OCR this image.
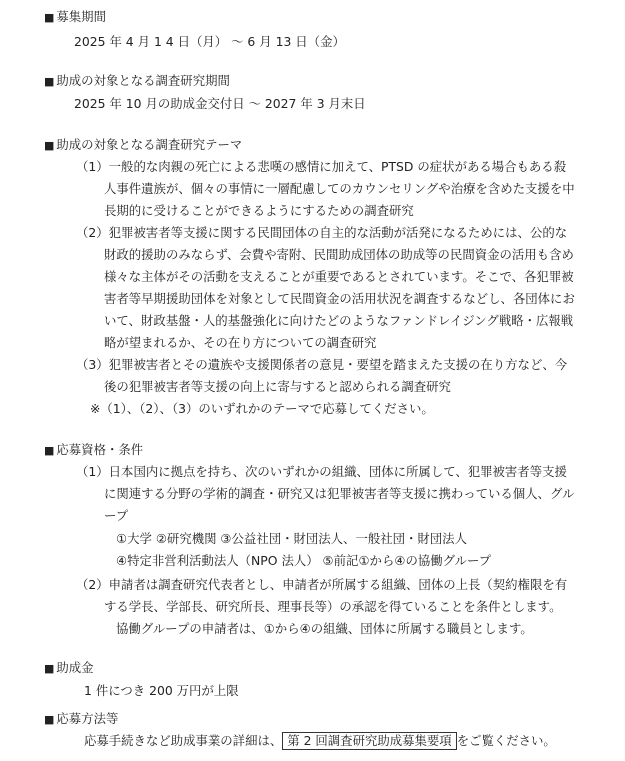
■ 募集期間
2025 年 4 月 1 4 日（月） 〜 6 月 13 日（金）
■ 助成の対象となる調査研究期間
2025 年 10 月の助成金交付日 〜 2027 年 3 月末日
■ 助成の対象となる調査研究テーマ
（1）一般的な肉親の死亡による悲嘆の感情に加えて、PTSD の症状がある場合もある殺
人事件遺族が、個々の事情に一層配慮してのカウンセリングや治療を含めた支援を中
長期的に受けることができるようにするための調査研究
（2）犯罪被害者等支援に関する民間団体の自主的な活動が活発になるためには、公的な
財政的援助のみならず、会費や寄附、民間助成団体の助成等の民間資金の活用も含め
様々な主体がその活動を支えることが重要であるとされています。そこで、各犯罪被
害者等早期援助団体を対象として民間資金の活用状況を調査するなどし、各団体にお
いて、財政基盤・人的基盤強化に向けたどのようなファンドレイジング戦略・広報戦
略が望まれるか、その在り方についての調査研究
（3）犯罪被害者とその遺族や支援関係者の意見・要望を踏まえた支援の在り方など、今
後の犯罪被害者等支援の向上に寄与すると認められる調査研究
※（1）、（2）、（3）のいずれかのテーマで応募してください。
■ 応募資格・条件
（1）日本国内に拠点を持ち、次のいずれかの組織、団体に所属して、犯罪被害者等支援
に関連する分野の学術的調査・研究又は犯罪被害者等支援に携わっている個人、グル
ープ
①大学 ②研究機関 ③公益社団・財団法人、一般社団・財団法人
④特定非営利活動法人（NPO 法人） ⑤前記①から④の協働グループ
（2）申請者は調査研究代表者とし、申請者が所属する組織、団体の上長（契約権限を有
する学長、学部長、研究所長、理事長等）の承認を得ていることを条件とします。
協働グループの申請者は、①から④の組織、団体に所属する職員とします。
■ 助成金
1 件につき 200 万円が上限
■ 応募方法等
応募手続きなど助成事業の詳細は、 第 2 回調査研究助成募集要項 をご覧ください。
